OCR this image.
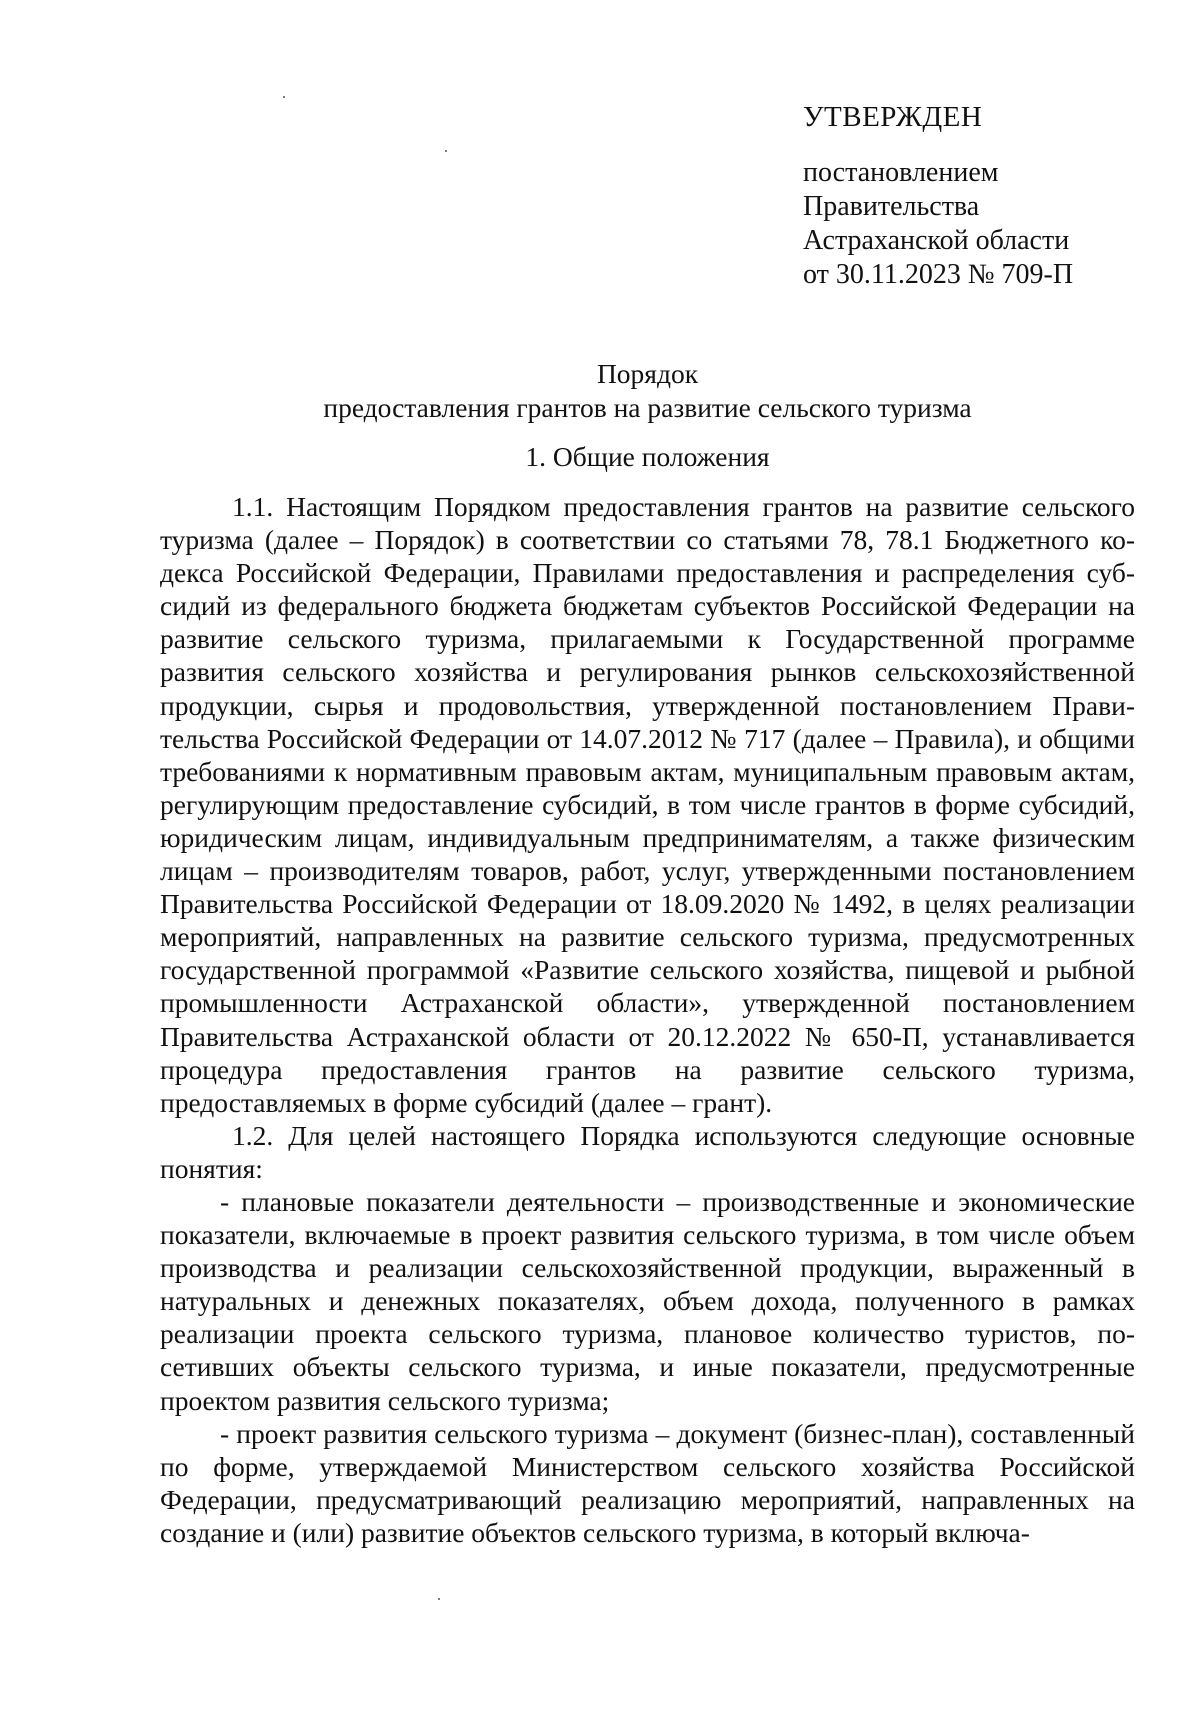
УТВЕРЖДЕН
постановлением
Правительства
Астраханской области
от 30.11.2023 № 709-П
Порядок
предоставления грантов на развитие сельского туризма
1. Общие положения

1.1. Настоящим Порядком предоставления грантов на развитие сельского туризма (далее – Порядок) в соответствии со статьями 78, 78.1 Бюджетного кодекса Российской Федерации, Правилами предоставления и распределения субсидий из федерального бюджета бюджетам субъектов Российской Федерации на развитие сельского туризма, прилагаемыми к Государственной программе развития сельского хозяйства и регулирования рынков сельскохозяйственной продукции, сырья и продовольствия, утвержденной постановлением Правительства Российской Федерации от 14.07.2012 № 717 (далее – Правила), и общими требованиями к нормативным правовым актам, муниципальным правовым актам, регулирующим предоставление субсидий, в том числе грантов в форме субсидий, юридическим лицам, индивидуальным предпринимателям, а также физическим лицам – производителям товаров, работ, услуг, утвержденными постановлением Правительства Российской Федерации от 18.09.2020 № 1492, в целях реализации мероприятий, направленных на развитие сельского туризма, предусмотренных государственной программой «Развитие сельского хозяйства, пищевой и рыбной промышленности Астраханской области», утвержденной постановлением Правительства Астраханской области от 20.12.2022 № 650-П, устанавливается процедура предоставления грантов на развитие сельского туризма, предоставляемых в форме субсидий (далее – грант).

1.2. Для целей настоящего Порядка используются следующие основные понятия:

- плановые показатели деятельности – производственные и экономические показатели, включаемые в проект развития сельского туризма, в том числе объем производства и реализации сельскохозяйственной продукции, выраженный в натуральных и денежных показателях, объем дохода, полученного в рамках реализации проекта сельского туризма, плановое количество туристов, посетивших объекты сельского туризма, и иные показатели, предусмотренные проектом развития сельского туризма;

- проект развития сельского туризма – документ (бизнес-план), составленный по форме, утверждаемой Министерством сельского хозяйства Российской Федерации, предусматривающий реализацию мероприятий, направленных на создание и (или) развитие объектов сельского туризма, в который включа-
